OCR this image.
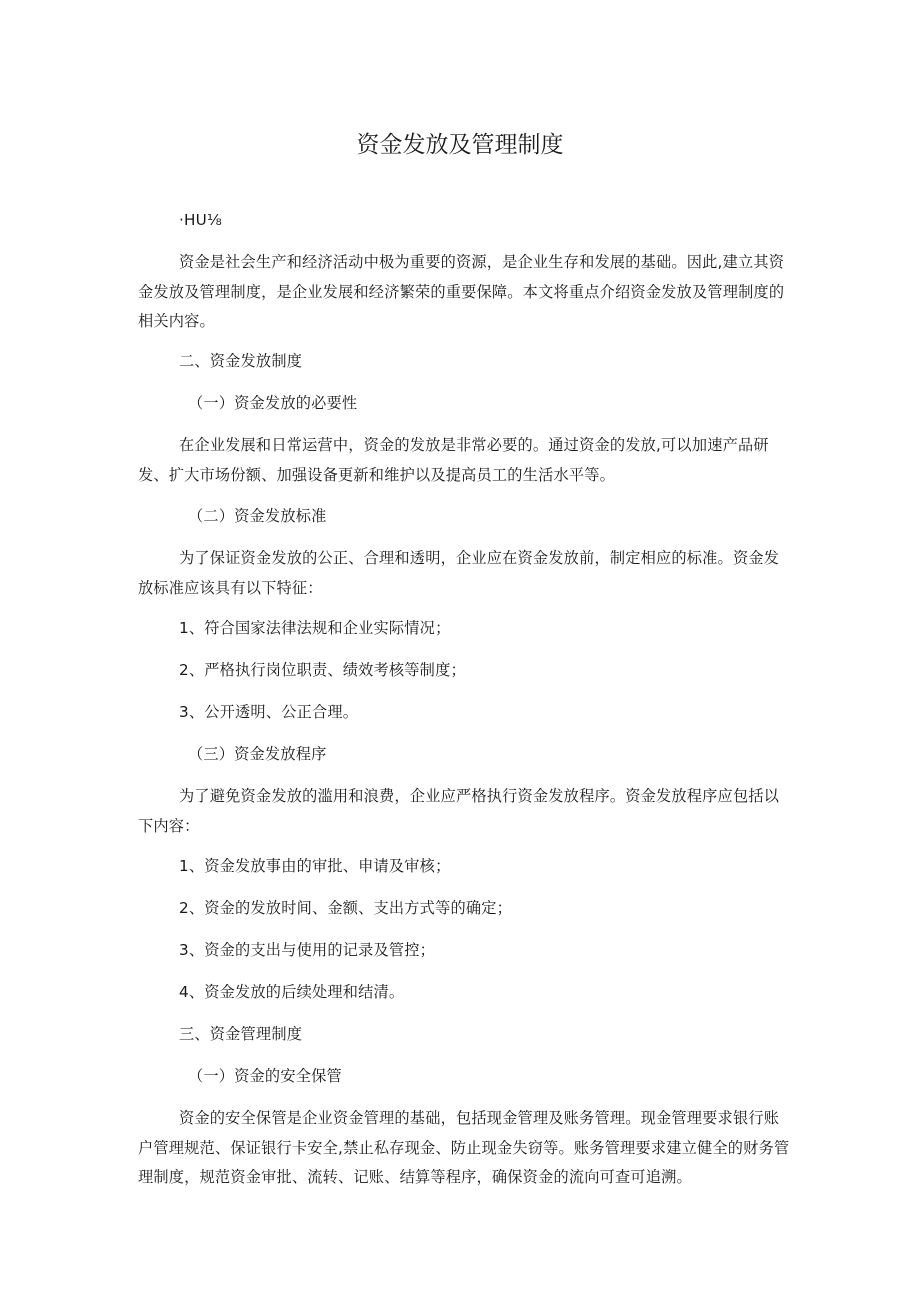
资金发放及管理制度
·HU⅛

资金是社会生产和经济活动中极为重要的资源，是企业生存和发展的基础。因此,建立其资金发放及管理制度，是企业发展和经济繁荣的重要保障。本文将重点介绍资金发放及管理制度的相关内容。

二、资金发放制度
（一）资金发放的必要性

在企业发展和日常运营中，资金的发放是非常必要的。通过资金的发放,可以加速产品研发、扩大市场份额、加强设备更新和维护以及提高员工的生活水平等。

（二）资金发放标准

为了保证资金发放的公正、合理和透明，企业应在资金发放前，制定相应的标准。资金发放标准应该具有以下特征：

1、符合国家法律法规和企业实际情况；
2、严格执行岗位职责、绩效考核等制度；
3、公开透明、公正合理。
（三）资金发放程序

为了避免资金发放的滥用和浪费，企业应严格执行资金发放程序。资金发放程序应包括以下内容：

1、资金发放事由的审批、申请及审核；
2、资金的发放时间、金额、支出方式等的确定；
3、资金的支出与使用的记录及管控；
4、资金发放的后续处理和结清。
三、资金管理制度
（一）资金的安全保管

资金的安全保管是企业资金管理的基础，包括现金管理及账务管理。现金管理要求银行账户管理规范、保证银行卡安全,禁止私存现金、防止现金失窃等。账务管理要求建立健全的财务管理制度，规范资金审批、流转、记账、结算等程序，确保资金的流向可查可追溯。
